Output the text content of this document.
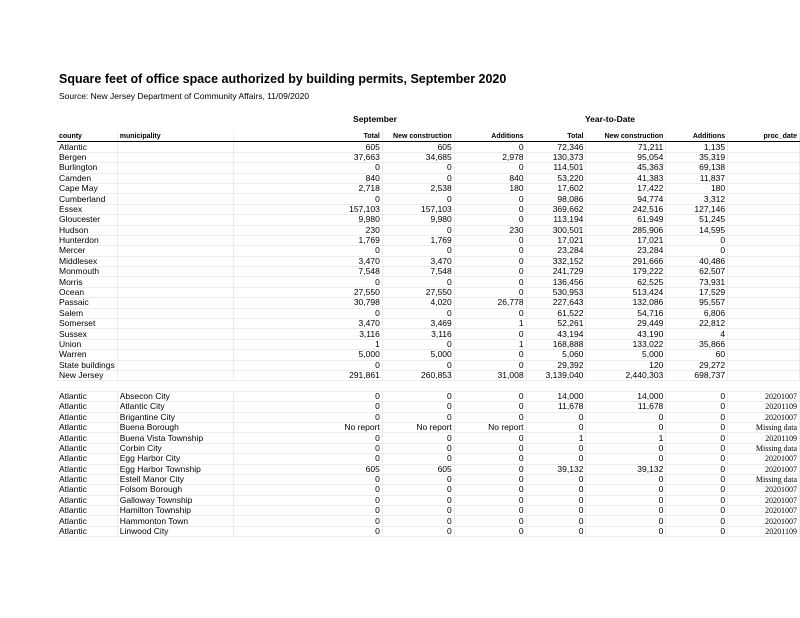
Square feet of office space authorized by building permits, September 2020
Source: New Jersey Department of Community Affairs, 11/09/2020
September	Year-to-Date
county	municipality	Total	New construction	Additions	Total	New construction	Additions	proc_date
Atlantic		605	605	0	72,346	71,211	1,135	
Bergen		37,663	34,685	2,978	130,373	95,054	35,319	
Burlington		0	0	0	114,501	45,363	69,138	
Camden		840	0	840	53,220	41,383	11,837	
Cape May		2,718	2,538	180	17,602	17,422	180	
Cumberland		0	0	0	98,086	94,774	3,312	
Essex		157,103	157,103	0	369,662	242,516	127,146	
Gloucester		9,980	9,980	0	113,194	61,949	51,245	
Hudson		230	0	230	300,501	285,906	14,595	
Hunterdon		1,769	1,769	0	17,021	17,021	0	
Mercer		0	0	0	23,284	23,284	0	
Middlesex		3,470	3,470	0	332,152	291,666	40,486	
Monmouth		7,548	7,548	0	241,729	179,222	62,507	
Morris		0	0	0	136,456	62,525	73,931	
Ocean		27,550	27,550	0	530,953	513,424	17,529	
Passaic		30,798	4,020	26,778	227,643	132,086	95,557	
Salem		0	0	0	61,522	54,716	6,806	
Somerset		3,470	3,469	1	52,261	29,449	22,812	
Sussex		3,116	3,116	0	43,194	43,190	4	
Union		1	0	1	168,888	133,022	35,866	
Warren		5,000	5,000	0	5,060	5,000	60	
State buildings		0	0	0	29,392	120	29,272	
New Jersey		291,861	260,853	31,008	3,139,040	2,440,303	698,737	

Atlantic	Absecon City	0	0	0	14,000	14,000	0	20201007
Atlantic	Atlantic City	0	0	0	11,678	11,678	0	20201109
Atlantic	Brigantine City	0	0	0	0	0	0	20201007
Atlantic	Buena Borough	No report	No report	No report	0	0	0	Missing data
Atlantic	Buena Vista Township	0	0	0	1	1	0	20201109
Atlantic	Corbin City	0	0	0	0	0	0	Missing data
Atlantic	Egg Harbor City	0	0	0	0	0	0	20201007
Atlantic	Egg Harbor Township	605	605	0	39,132	39,132	0	20201007
Atlantic	Estell Manor City	0	0	0	0	0	0	Missing data
Atlantic	Folsom Borough	0	0	0	0	0	0	20201007
Atlantic	Galloway Township	0	0	0	0	0	0	20201007
Atlantic	Hamilton Township	0	0	0	0	0	0	20201007
Atlantic	Hammonton Town	0	0	0	0	0	0	20201007
Atlantic	Linwood City	0	0	0	0	0	0	20201109
